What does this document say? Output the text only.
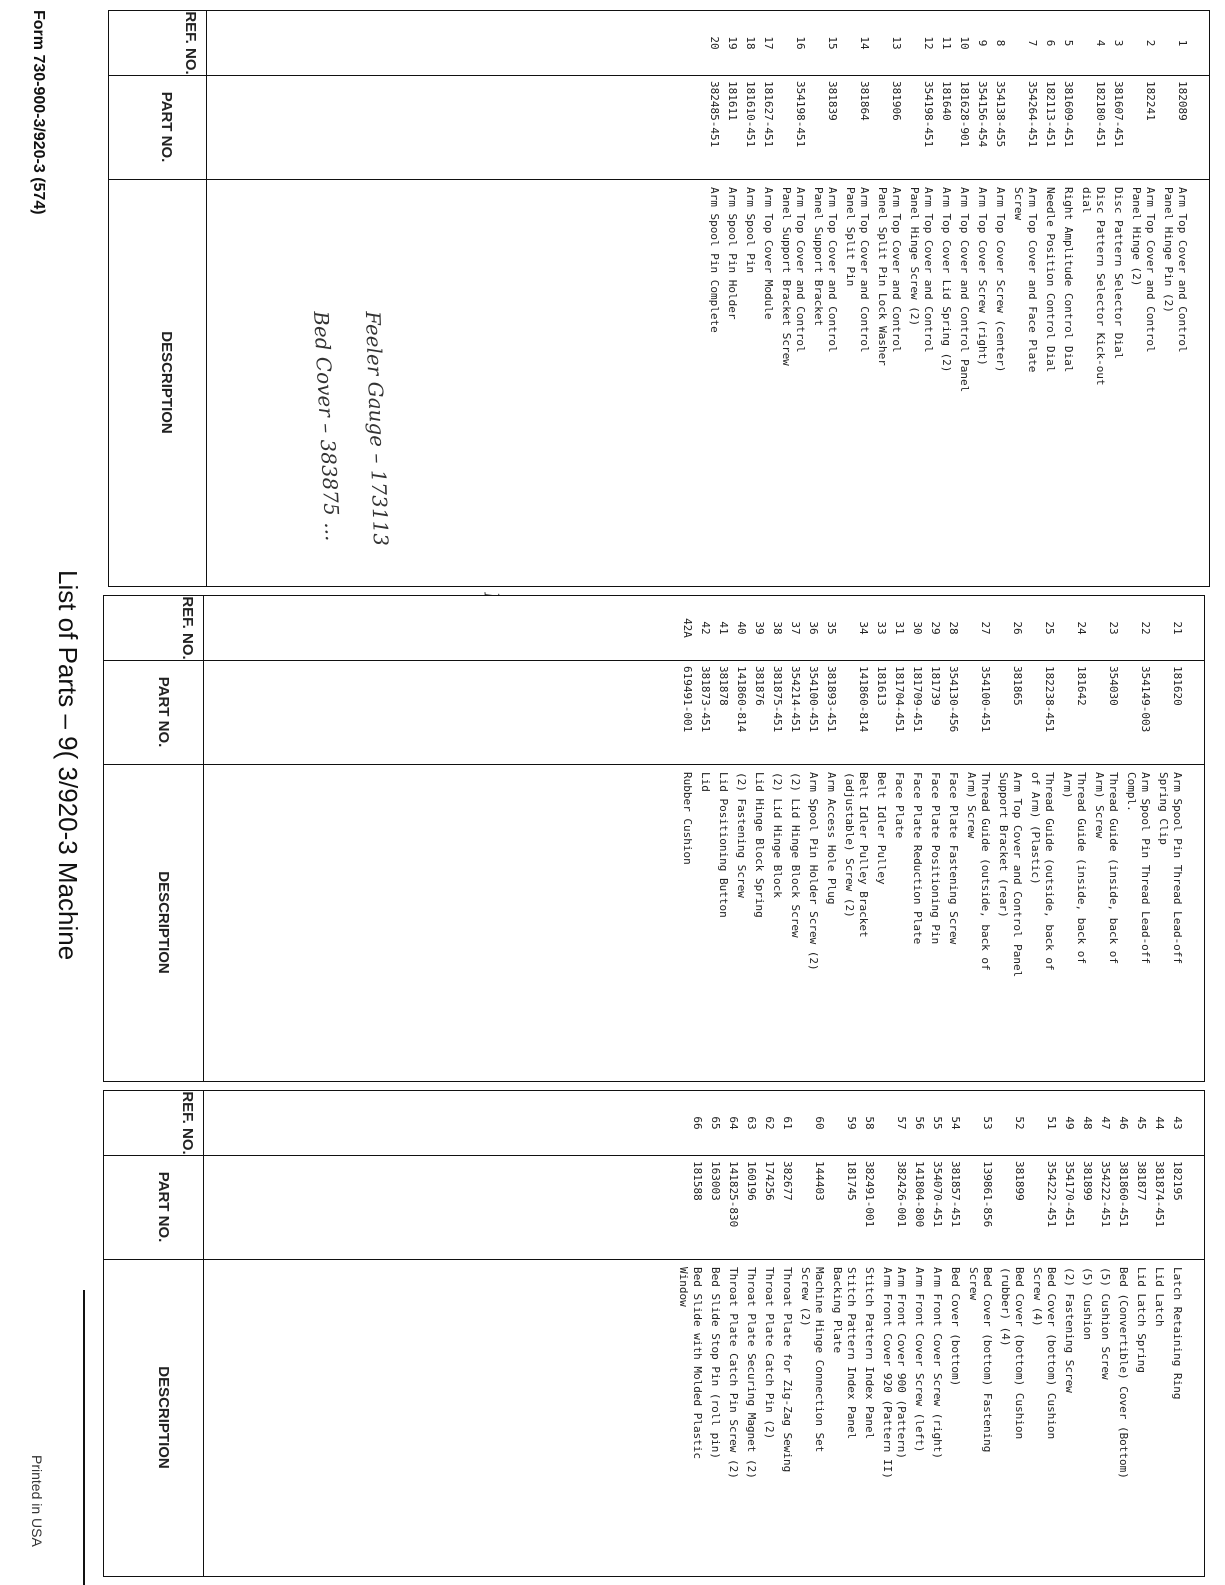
List of Parts – 9( 3/920-3 Machine
Form 730-900-3/920-3 (574)
Printed in USA
REF. NO.
PART NO.
DESCRIPTION
1
182089
Arm Top Cover and Control
Panel Hinge Pin (2)
2
182241
Arm Top Cover and Control
Panel Hinge (2)
3
381607-451
Disc Pattern Selector Dial
4
182180-451
Disc Pattern Selector Kick-out
dial
5
381609-451
Right Amplitude Control Dial
6
182113-451
Needle Position Control Dial
7
354264-451
Arm Top Cover and Face Plate
Screw
8
354138-455
Arm Top Cover Screw (center)
9
354156-454
Arm Top Cover Screw (right)
10
181628-901
Arm Top Cover and Control Panel
11
181640
Arm Top Cover Lid Spring (2)
12
354198-451
Arm Top Cover and Control
Panel Hinge Screw (2)
13
381906
Arm Top Cover and Control
Panel Split Pin Lock Washer
14
381864
Arm Top Cover and Control
Panel Split Pin
15
381839
Arm Top Cover and Control
Panel Support Bracket
16
354198-451
Arm Top Cover and Control
Panel Support Bracket Screw
17
181627-451
Arm Top Cover Module
18
181610-451
Arm Spool Pin
19
181611
Arm Spool Pin Holder
20
382485-451
Arm Spool Pin Complete
Feeler Gauge – 173113
Bed Cover – 383875 ...
REF. NO.
PART NO.
DESCRIPTION
21
181620
Arm Spool Pin Thread Lead-off
Spring Clip
22
354149-003
Arm Spool Pin Thread Lead-off
Compl.
23
354030
Thread Guide (inside, back of
Arm) Screw
24
181642
Thread Guide (inside, back of
Arm)
25
182238-451
Thread Guide (outside, back of
of Arm) (Plastic)
26
381865
Arm Top Cover and Control Panel
Support Bracket (rear)
27
354100-451
Thread Guide (outside, back of
Arm) Screw
28
354130-456
Face Plate Fastening Screw
29
181739
Face Plate Positioning Pin
30
181709-451
Face Plate Reduction Plate
31
181704-451
Face Plate
33
181613
Belt Idler Pulley
34
141860-814
Belt Idler Pulley Bracket
(adjustable) Screw (2)
35
381893-451
Arm Access Hole Plug
36
354100-451
Arm Spool Pin Holder Screw (2)
37
354214-451
(2) Lid Hinge Block Screw
38
381875-451
(2) Lid Hinge Block
39
381876
Lid Hinge Block Spring
40
141860-814
(2) Fastening Screw
41
381878
Lid Positioning Button
42
381873-451
Lid
42A
619491-001
Rubber Cushion
REF. NO.
PART NO.
DESCRIPTION
43
182195
Latch Retaining Ring
44
381874-451
Lid Latch
45
381877
Lid Latch Spring
46
381860-451
Bed (Convertible) Cover (Bottom)
47
354222-451
(5) Cushion Screw
48
381899
(5) Cushion
49
354170-451
(2) Fastening Screw
51
354222-451
Bed Cover (bottom) Cushion
Screw (4)
52
381899
Bed Cover (bottom) Cushion
(rubber) (4)
53
139861-856
Bed Cover (bottom) Fastening
Screw
54
381857-451
Bed Cover (bottom)
55
354070-451
Arm Front Cover Screw (right)
56
141804-800
Arm Front Cover Screw (left)
57
382426-001
Arm Front Cover 900 (Pattern)
Arm Front Cover 920 (Pattern II)
58
382491-001
Stitch Pattern Index Panel
59
181745
Stitch Pattern Index Panel
Backing Plate
60
144403
Machine Hinge Connection Set
Screw (2)
61
382677
Throat Plate for Zig-Zag Sewing
62
174256
Throat Plate Catch Pin (2)
63
160196
Throat Plate Securing Magnet (2)
64
141825-830
Throat Plate Catch Pin Screw (2)
65
163003
Bed Slide Stop Pin (roll pin)
66
181588
Bed Slide with Molded Plastic
Window
